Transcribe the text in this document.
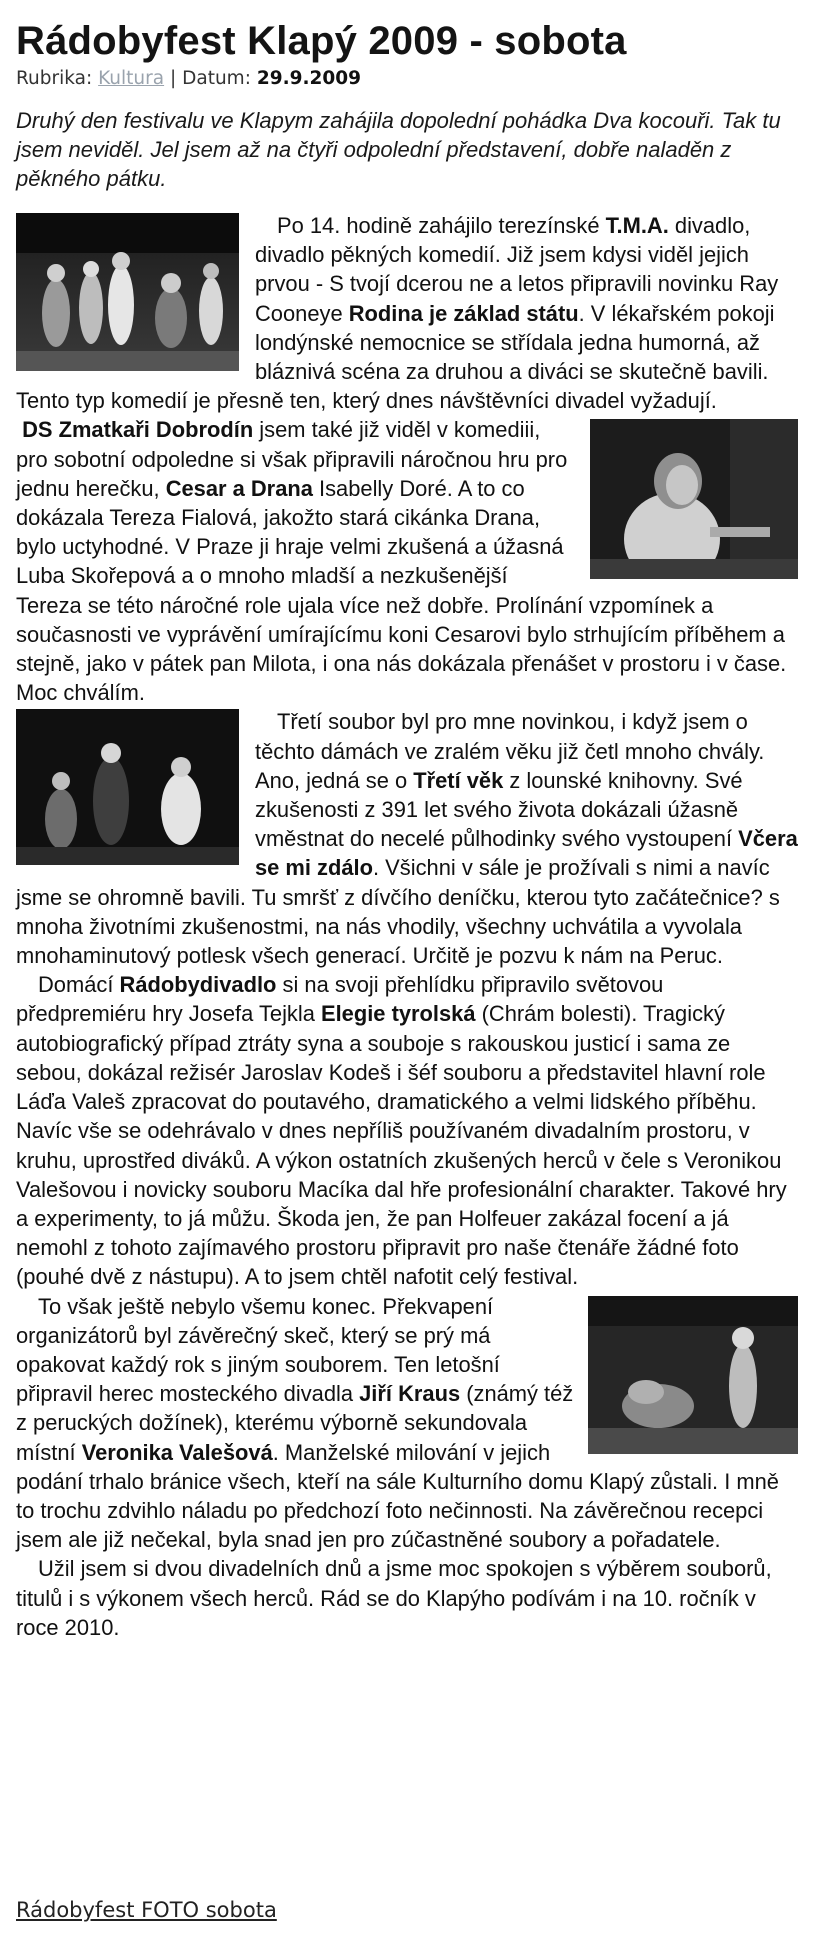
Rádobyfest Klapý 2009 - sobota
Rubrika: Kultura | Datum: 29.9.2009
Druhý den festivalu ve Klapym zahájila dopolední pohádka Dva kocouři. Tak tu jsem neviděl. Jel jsem až na čtyři odpolední představení, dobře naladěn z pěkného pátku.

Po 14. hodině zahájilo terezínské T.M.A. divadlo, divadlo pěkných komedií. Již jsem kdysi viděl jejich prvou - S tvojí dcerou ne a letos připravili novinku Ray Cooneye Rodina je základ státu. V lékařském pokoji londýnské nemocnice se střídala jedna humorná, až bláznivá scéna za druhou a diváci se skutečně bavili. Tento typ komedií je přesně ten, který dnes návštěvníci divadel vyžadují.

DS Zmatkaři Dobrodín jsem také již viděl v komediii, pro sobotní odpoledne si však připravili náročnou hru pro jednu herečku, Cesar a Drana Isabelly Doré. A to co dokázala Tereza Fialová, jakožto stará cikánka Drana, bylo uctyhodné. V Praze ji hraje velmi zkušená a úžasná Luba Skořepová a o mnoho mladší a nezkušenější Tereza se této náročné role ujala více než dobře. Prolínání vzpomínek a současnosti ve vyprávění umírajícímu koni Cesarovi bylo strhujícím příběhem a stejně, jako v pátek pan Milota, i ona nás dokázala přenášet v prostoru i v čase. Moc chválím.

Třetí soubor byl pro mne novinkou, i když jsem o těchto dámách ve zralém věku již četl mnoho chvály. Ano, jedná se o Třetí věk z lounské knihovny. Své zkušenosti z 391 let svého života dokázali úžasně vměstnat do necelé půlhodinky svého vystoupení Včera se mi zdálo. Všichni v sále je prožívali s nimi a navíc jsme se ohromně bavili. Tu smršť z dívčího deníčku, kterou tyto začátečnice? s mnoha životními zkušenostmi, na nás vhodily, všechny uchvátila a vyvolala mnohaminutový potlesk všech generací. Určitě je pozvu k nám na Peruc.

Domácí Rádobydivadlo si na svoji přehlídku připravilo světovou předpremiéru hry Josefa Tejkla Elegie tyrolská (Chrám bolesti). Tragický autobiografický případ ztráty syna a souboje s rakouskou justicí i sama ze sebou, dokázal režisér Jaroslav Kodeš i šéf souboru a představitel hlavní role Láďa Valeš zpracovat do poutavého, dramatického a velmi lidského příběhu. Navíc vše se odehrávalo v dnes nepříliš používaném divadalním prostoru, v kruhu, uprostřed diváků. A výkon ostatních zkušených herců v čele s Veronikou Valešovou i novicky souboru Macíka dal hře profesionální charakter. Takové hry a experimenty, to já můžu. Škoda jen, že pan Holfeuer zakázal focení a já nemohl z tohoto zajímavého prostoru připravit pro naše čtenáře žádné foto (pouhé dvě z nástupu). A to jsem chtěl nafotit celý festival.

To však ještě nebylo všemu konec. Překvapení organizátorů byl závěrečný skeč, který se prý má opakovat každý rok s jiným souborem. Ten letošní připravil herec mosteckého divadla Jiří Kraus (známý též z peruckých dožínek), kterému výborně sekundovala místní Veronika Valešová. Manželské milování v jejich podání trhalo bránice všech, kteří na sále Kulturního domu Klapý zůstali. I mně to trochu zdvihlo náladu po předchozí foto nečinnosti. Na závěrečnou recepci jsem ale již nečekal, byla snad jen pro zúčastněné soubory a pořadatele.

Užil jsem si dvou divadelních dnů a jsme moc spokojen s výběrem souborů, titulů i s výkonem všech herců. Rád se do Klapýho podívám i na 10. ročník v roce 2010.

Rádobyfest FOTO sobota
